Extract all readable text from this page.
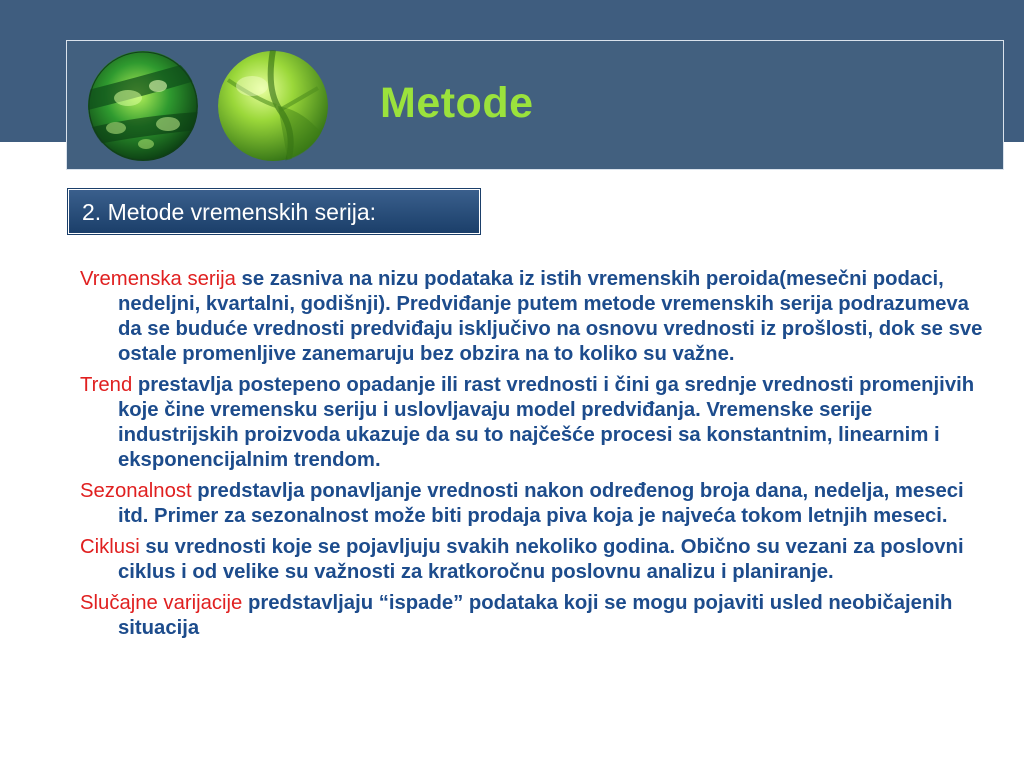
Metode
2. Metode vremenskih serija:

Vremenska serija se zasniva na nizu podataka iz istih vremenskih peroida(mesečni podaci, nedeljni, kvartalni, godišnji). Predviđanje putem metode vremenskih serija podrazumeva da se buduće vrednosti predviđaju isključivo na osnovu vrednosti iz prošlosti, dok se sve ostale promenljive zanemaruju bez obzira na to koliko su važne.

Trend prestavlja postepeno opadanje ili rast vrednosti i čini ga srednje vrednosti promenjivih koje čine vremensku seriju i uslovljavaju model predviđanja. Vremenske serije industrijskih proizvoda ukazuje da su to najčešće procesi sa konstantnim, linearnim i eksponencijalnim trendom.

Sezonalnost predstavlja ponavljanje vrednosti nakon određenog broja dana, nedelja, meseci itd. Primer za sezonalnost može biti prodaja piva koja je najveća tokom letnjih meseci.

Ciklusi su vrednosti koje se pojavljuju svakih nekoliko godina. Obično su vezani za poslovni ciklus i od velike su važnosti za kratkoročnu poslovnu analizu i planiranje.

Slučajne varijacije predstavljaju “ispade” podataka koji se mogu pojaviti usled neobičajenih situacija
